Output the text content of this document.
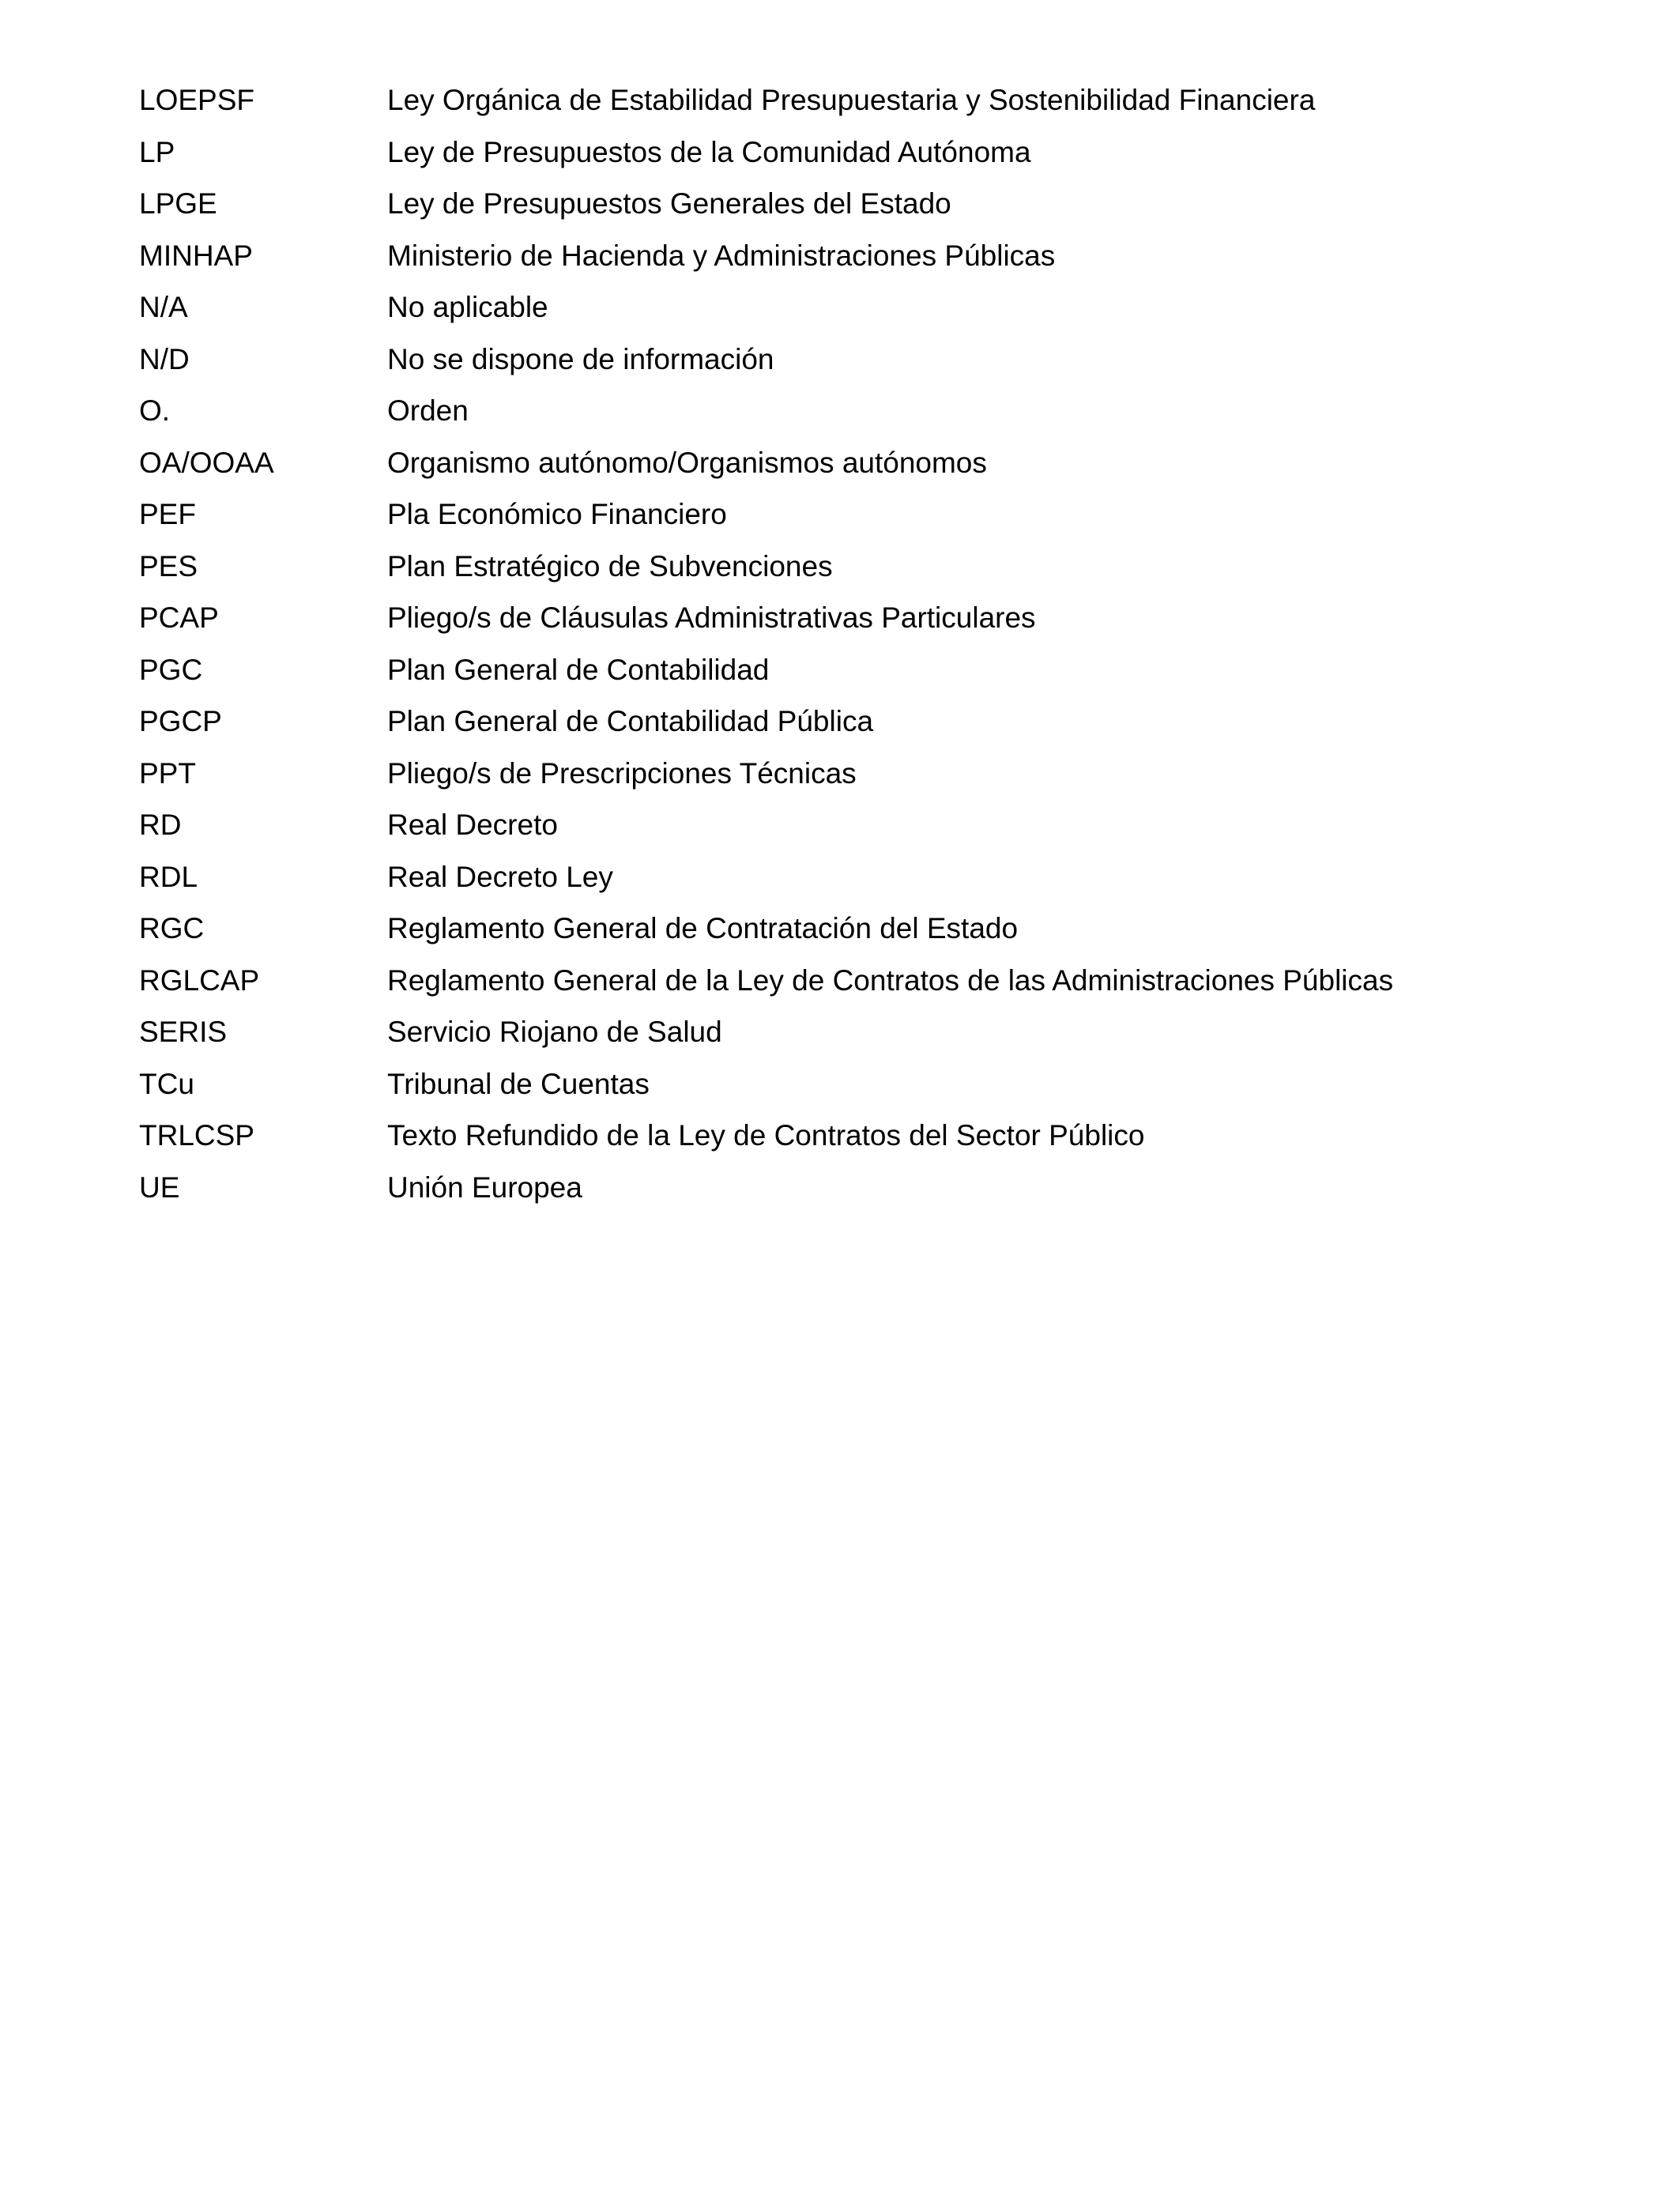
LOEPSF	Ley Orgánica de Estabilidad Presupuestaria y Sostenibilidad Financiera
LP	Ley de Presupuestos de la Comunidad Autónoma
LPGE	Ley de Presupuestos Generales del Estado
MINHAP	Ministerio de Hacienda y Administraciones Públicas
N/A	No aplicable
N/D	No se dispone de información
O.	Orden
OA/OOAA	Organismo autónomo/Organismos autónomos
PEF	Pla Económico Financiero
PES	Plan Estratégico de Subvenciones
PCAP	Pliego/s de Cláusulas Administrativas Particulares
PGC	Plan General de Contabilidad
PGCP	Plan General de Contabilidad Pública
PPT	Pliego/s de Prescripciones Técnicas
RD	Real Decreto
RDL	Real Decreto Ley
RGC	Reglamento General de Contratación del Estado
RGLCAP	Reglamento General de la Ley de Contratos de las Administraciones Públicas
SERIS	Servicio Riojano de Salud
TCu	Tribunal de Cuentas
TRLCSP	Texto Refundido de la Ley de Contratos del Sector Público
UE	Unión Europea
